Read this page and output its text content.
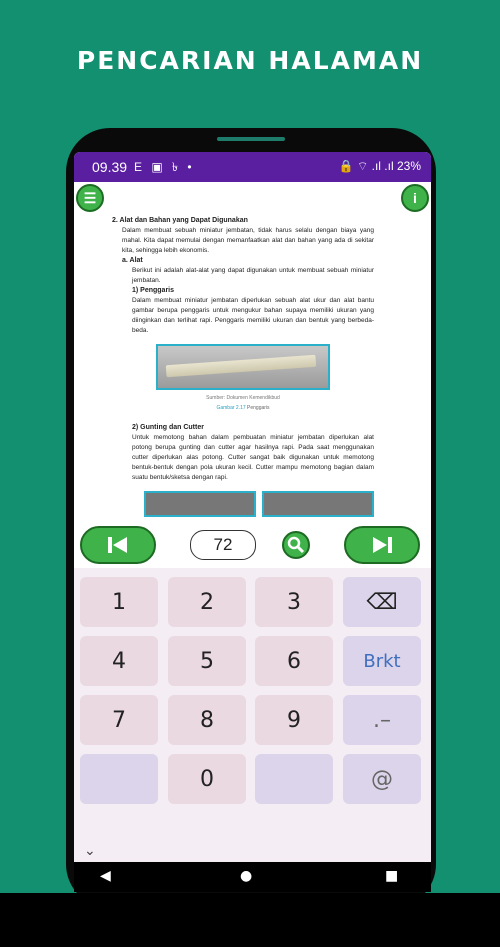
PENCARIAN HALAMAN
09.39 E ▣ ৳ •	🔒 ⌔ .ıl .ıl 23%
☰	i

2. Alat dan Bahan yang Dapat Digunakan

Dalam membuat sebuah miniatur jembatan, tidak harus selalu dengan biaya yang mahal. Kita dapat memulai dengan memanfaatkan alat dan bahan yang ada di sekitar kita, sehingga lebih ekonomis.

a. Alat

Berikut ini adalah alat-alat yang dapat digunakan untuk membuat sebuah miniatur jembatan.

1) Penggaris

Dalam membuat miniatur jembatan diperlukan sebuah alat ukur dan alat bantu gambar berupa penggaris untuk mengukur bahan supaya memiliki ukuran yang diinginkan dan terlihat rapi. Penggaris memiliki ukuran dan bentuk yang berbeda-beda.

Sumber: Dokumen Kemendikbud
Gambar 2.17 Penggaris

2) Gunting dan Cutter

Untuk memotong bahan dalam pembuatan miniatur jembatan diperlukan alat potong berupa gunting dan cutter agar hasilnya rapi. Pada saat menggunakan cutter diperlukan alas potong. Cutter sangat baik digunakan untuk memotong bentuk-bentuk dengan pola ukuran kecil. Cutter mampu memotong bagian dalam suatu bentuk/sketsa dengan rapi.

72
1	2	3	⌫
4	5	6	Brkt
7	8	9	.–
0	@
⌄
◀	●	■
